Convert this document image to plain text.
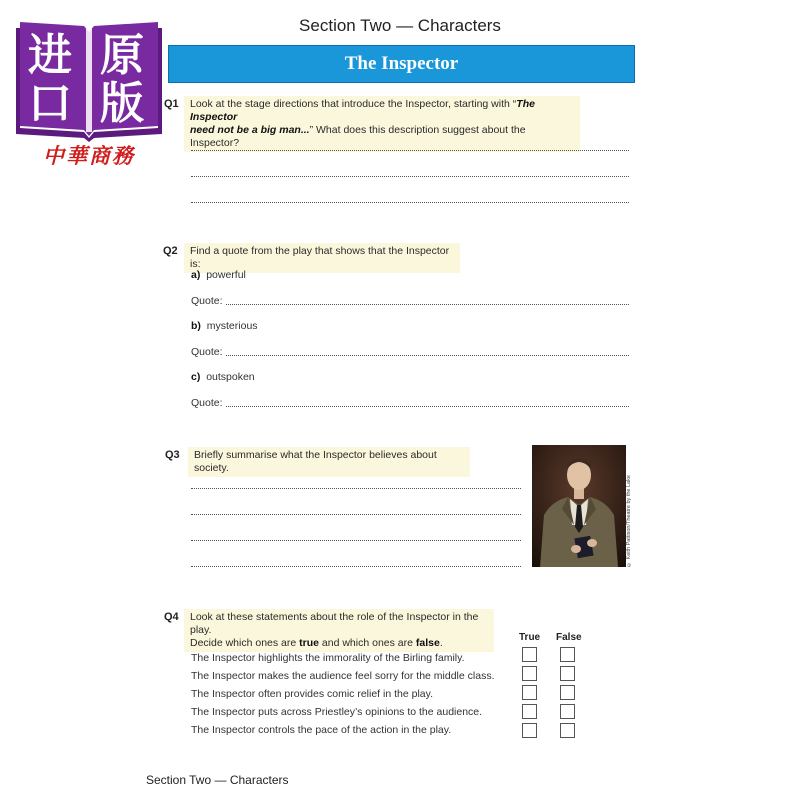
进 原
口 版
中華商務
Section Two — Characters
The Inspector
Q1	Look at the stage directions that introduce the Inspector, starting with “The Inspector
need not be a big man...” What does this description suggest about the Inspector?
Q2	Find a quote from the play that shows that the Inspector is:
a) powerful
Quote:
b) mysterious
Quote:
c) outspoken
Quote:
Q3	Briefly summarise what the Inspector believes about society.
© Keith Pattison/Theatre by the Lake
Q4	Look at these statements about the role of the Inspector in the play.
Decide which ones are true and which ones are false.	True False
The Inspector highlights the immorality of the Birling family.
The Inspector makes the audience feel sorry for the middle class.
The Inspector often provides comic relief in the play.
The Inspector puts across Priestley’s opinions to the audience.
The Inspector controls the pace of the action in the play.
Section Two — Characters
